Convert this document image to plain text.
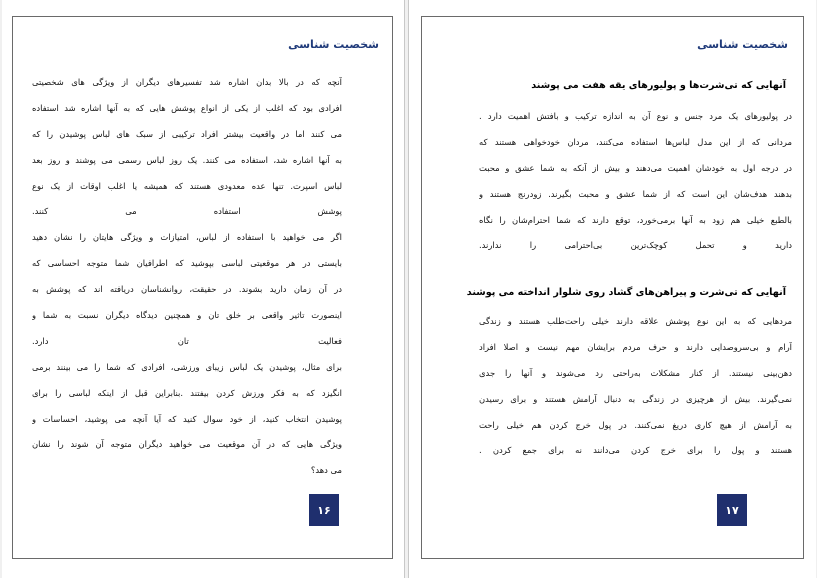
شخصیت شناسی
آنچه که در بالا بدان اشاره شد تفسیرهای دیگران از ویژگی های شخصیتی
افرادی بود که اغلب از یکی از انواع پوشش هایی که به آنها اشاره شد استفاده
می کنند اما در واقعیت بیشتر افراد ترکیبی از سبک های لباس پوشیدن را که
به آنها اشاره شد، استفاده می کنند. یک روز لباس رسمی می پوشند و روز بعد
لباس اسپرت. تنها عده معدودی هستند که همیشه یا اغلب اوقات از یک نوع
پوشش استفاده می کنند.
اگر می خواهید با استفاده از لباس، امتیازات و ویژگی هایتان را نشان دهید
بایستی در هر موقعیتی لباسی بپوشید که اطرافیان شما متوجه احساسی که
در آن زمان دارید بشوند. در حقیقت، روانشناسان دریافته اند که پوشش به
اینصورت تاثیر واقعی بر خلق تان و همچنین دیدگاه دیگران نسبت به شما و
فعالیت تان دارد.
برای مثال، پوشیدن یک لباس زیبای ورزشی، افرادی که شما را می بینند برمی
انگیزد که به فکر ورزش کردن بیفتند .بنابراین قبل از اینکه لباسی را برای
پوشیدن انتخاب کنید، از خود سوال کنید که آیا آنچه می پوشید، احساسات و
ویژگی هایی که در آن موقعیت می خواهید دیگران متوجه آن شوند را نشان
می دهد؟
۱۶
شخصیت شناسی
آنهایی که تی‌شرت‌ها و پولیورهای یقه هفت می پوشند
در پولیورهای یک مرد جنس و نوع آن به اندازه ترکیب و بافتش اهمیت دارد .
مردانی که از این مدل لباس‌ها استفاده می‌کنند، مردان خودخواهی هستند که
در درجه اول به خودشان اهمیت می‌دهند و بیش از آنکه به شما عشق و محبت
بدهند هدف‌شان این است که از شما عشق و محبت بگیرند. زودرنج هستند و
بالطبع خیلی هم زود به آنها برمی‌خورد، توقع دارند که شما احترام‌شان را نگاه
دارید و تحمل کوچک‌ترین بی‌احترامی را ندارند.
آنهایی که تی‌شرت و پیراهن‌های گشاد روی شلوار انداخته می پوشند
مردهایی که به این نوع پوشش علاقه دارند خیلی راحت‌طلب هستند و زندگی
آرام و بی‌سروصدایی دارند و حرف مردم برایشان مهم نیست و اصلا افراد
دهن‌بینی نیستند. از کنار مشکلات به‌راحتی رد می‌شوند و آنها را جدی
نمی‌گیرند. بیش از هرچیزی در زندگی به دنبال آرامش هستند و برای رسیدن
به آرامش از هیچ کاری دریغ نمی‌کنند. در پول خرج کردن هم خیلی راحت
هستند و پول را برای خرج کردن می‌دانند نه برای جمع کردن .
۱۷
